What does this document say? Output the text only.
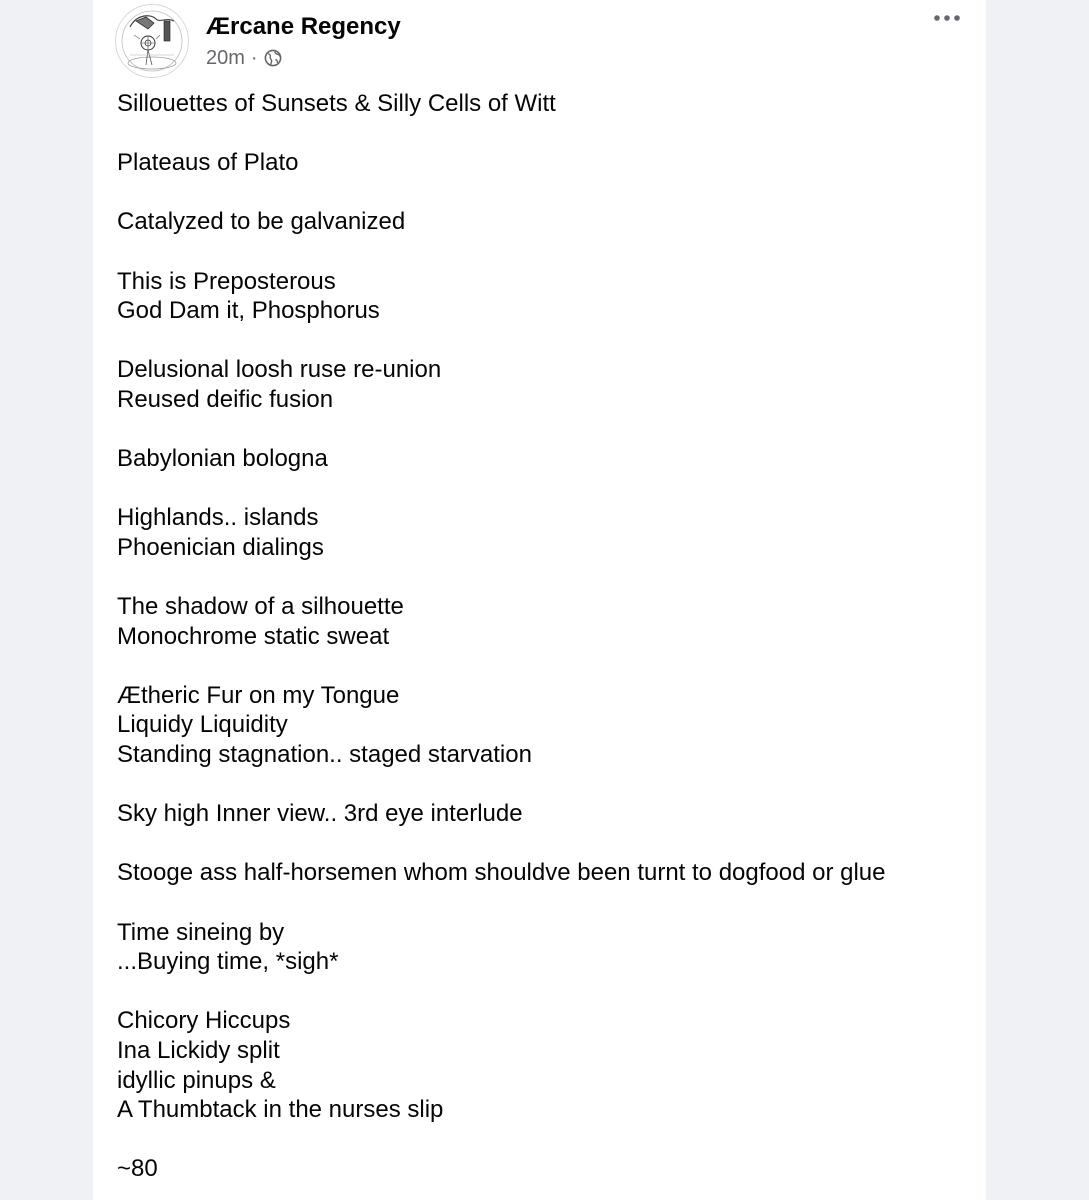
Ærcane Regency
20m ·
Sillouettes of Sunsets & Silly Cells of Witt
Plateaus of Plato
Catalyzed to be galvanized
This is Preposterous
God Dam it, Phosphorus
Delusional loosh ruse re-union
Reused deific fusion
Babylonian bologna
Highlands.. islands
Phoenician dialings
The shadow of a silhouette
Monochrome static sweat
Ætheric Fur on my Tongue
Liquidy Liquidity
Standing stagnation.. staged starvation
Sky high Inner view.. 3rd eye interlude
Stooge ass half-horsemen whom shouldve been turnt to dogfood or glue
Time sineing by
...Buying time, *sigh*
Chicory Hiccups
Ina Lickidy split
idyllic pinups &
A Thumbtack in the nurses slip
~80
